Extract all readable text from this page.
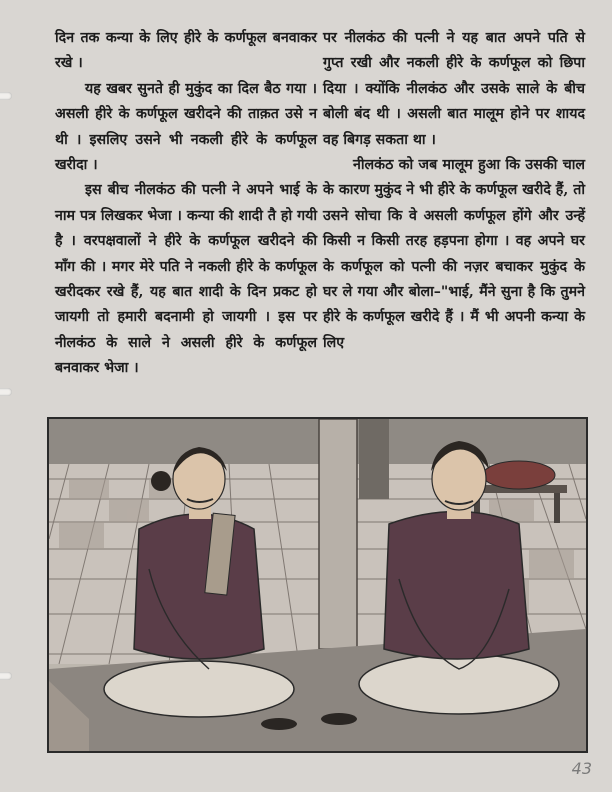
दिन तक कन्या के लिए हीरे के कर्णफूल बनवाकर रखे ।

यह खबर सुनते ही मुकुंद का दिल बैठ गया । असली हीरे के कर्णफूल खरीदने की ताक़त उसे न थी । इसलिए उसने भी नकली हीरे के कर्णफूल खरीदा ।

इस बीच नीलकंठ की पत्नी ने अपने भाई के नाम पत्र लिखकर भेजा । कन्या की शादी तै हो गयी है । वरपक्षवालों ने हीरे के कर्णफूल खरीदने की माँग की । मगर मेरे पति ने नकली हीरे के कर्णफूल खरीदकर रखे हैं, यह बात शादी के दिन प्रकट हो जायगी तो हमारी बदनामी हो जायगी । इस पर नीलकंठ के साले ने असली हीरे के कर्णफूल बनवाकर भेजा ।

पर नीलकंठ की पत्नी ने यह बात अपने पति से गुप्त रखी और नकली हीरे के कर्णफूल को छिपा दिया । क्योंकि नीलकंठ और उसके साले के बीच बोली बंद थी । असली बात मालूम होने पर शायद वह बिगड़ सकता था ।

नीलकंठ को जब मालूम हुआ कि उसकी चाल के कारण मुकुंद ने भी हीरे के कर्णफूल खरीदे हैं, तो उसने सोचा कि वे असली कर्णफूल होंगे और उन्हें किसी न किसी तरह हड़पना होगा । वह अपने घर के कर्णफूल को पत्नी की नज़र बचाकर मुकुंद के घर ले गया और बोला–"भाई, मैंने सुना है कि तुमने हीरे के कर्णफूल खरीदे हैं । मैं भी अपनी कन्या के लिए

43
